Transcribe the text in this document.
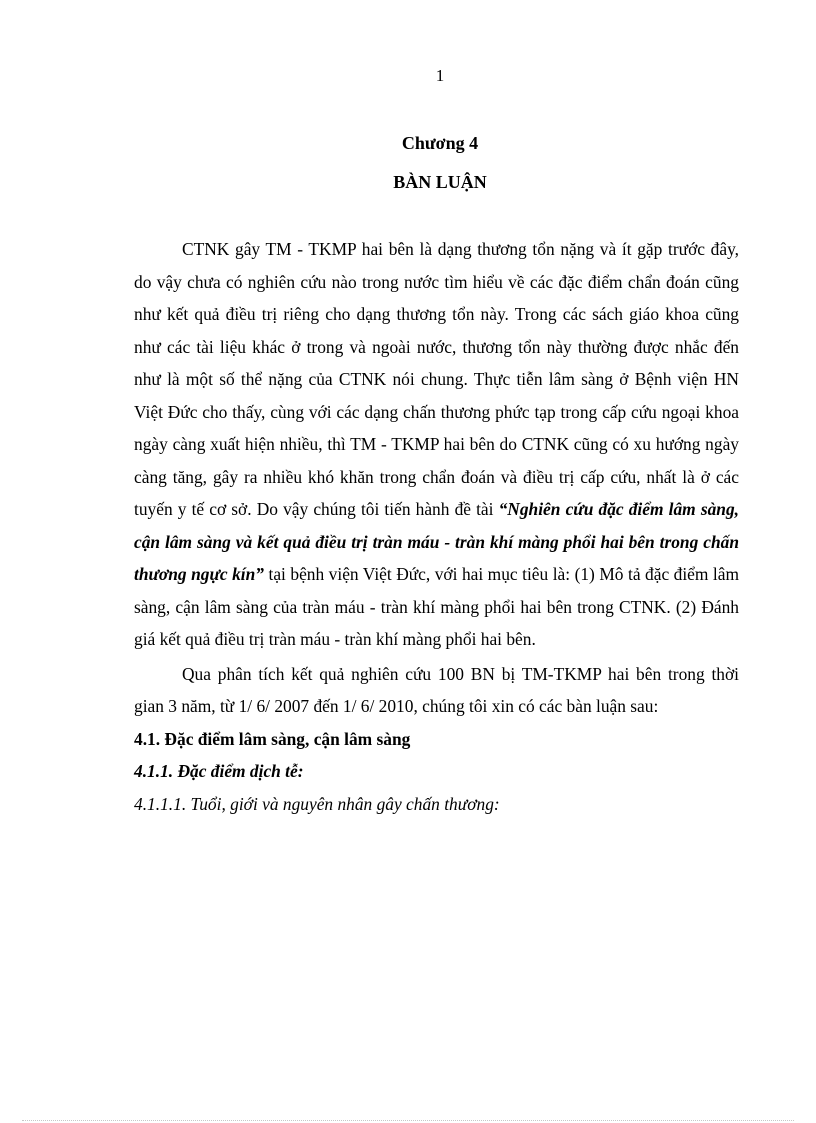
1
Chương 4
BÀN LUẬN

CTNK gây TM - TKMP hai bên là dạng thương tổn nặng và ít gặp trước đây, do vậy chưa có nghiên cứu nào trong nước tìm hiểu về các đặc điểm chẩn đoán cũng như kết quả điều trị riêng cho dạng thương tổn này. Trong các sách giáo khoa cũng như các tài liệu khác ở trong và ngoài nước, thương tổn này thường được nhắc đến như là một số thể nặng của CTNK nói chung. Thực tiễn lâm sàng ở Bệnh viện HN Việt Đức cho thấy, cùng với các dạng chấn thương phức tạp trong cấp cứu ngoại khoa ngày càng xuất hiện nhiều, thì TM - TKMP hai bên do CTNK cũng có xu hướng ngày càng tăng, gây ra nhiều khó khăn trong chẩn đoán và điều trị cấp cứu, nhất là ở các tuyến y tế cơ sở. Do vậy chúng tôi tiến hành đề tài “Nghiên cứu đặc điểm lâm sàng, cận lâm sàng và kết quả điều trị tràn máu - tràn khí màng phổi hai bên trong chấn thương ngực kín” tại bệnh viện Việt Đức, với hai mục tiêu là: (1) Mô tả đặc điểm lâm sàng, cận lâm sàng của tràn máu - tràn khí màng phổi hai bên trong CTNK. (2) Đánh giá kết quả điều trị tràn máu - tràn khí màng phổi hai bên.

Qua phân tích kết quả nghiên cứu 100 BN bị TM-TKMP hai bên trong thời gian 3 năm, từ 1/ 6/ 2007 đến 1/ 6/ 2010, chúng tôi xin có các bàn luận sau:

4.1. Đặc điểm lâm sàng, cận lâm sàng

4.1.1. Đặc điểm dịch tễ:

4.1.1.1. Tuổi, giới và nguyên nhân gây chấn thương:
